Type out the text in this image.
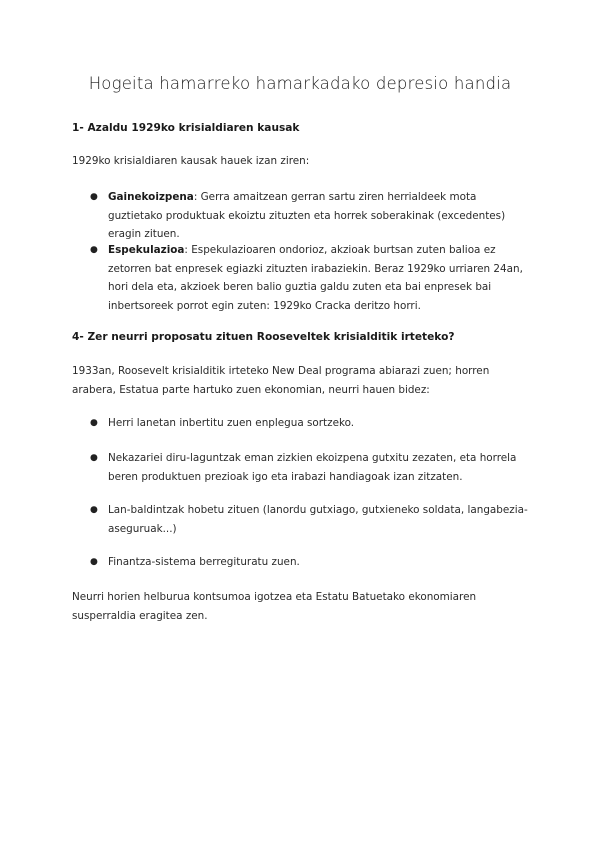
Hogeita hamarreko hamarkadako depresio handia
1- Azaldu 1929ko krisialdiaren kausak
1929ko krisialdiaren kausak hauek izan ziren:
● Gainekoizpena: Gerra amaitzean gerran sartu ziren herrialdeek mota guztietako produktuak ekoiztu zituzten eta horrek soberakinak (excedentes) eragin zituen.
● Espekulazioa: Espekulazioaren ondorioz, akzioak burtsan zuten balioa ez zetorren bat enpresek egiazki zituzten irabaziekin. Beraz 1929ko urriaren 24an, hori dela eta, akzioek beren balio guztia galdu zuten eta bai enpresek bai inbertsoreek porrot egin zuten: 1929ko Cracka deritzo horri.
4- Zer neurri proposatu zituen Rooseveltek krisialditik irteteko?
1933an, Roosevelt krisialditik irteteko New Deal programa abiarazi zuen; horren arabera, Estatua parte hartuko zuen ekonomian, neurri hauen bidez:
● Herri lanetan inbertitu zuen enplegua sortzeko.
● Nekazariei diru-laguntzak eman zizkien ekoizpena gutxitu zezaten, eta horrela beren produktuen prezioak igo eta irabazi handiagoak izan zitzaten.
● Lan-baldintzak hobetu zituen (lanordu gutxiago, gutxieneko soldata, langabezia-aseguruak...)
● Finantza-sistema berregituratu zuen.
Neurri horien helburua kontsumoa igotzea eta Estatu Batuetako ekonomiaren susperraldia eragitea zen.
